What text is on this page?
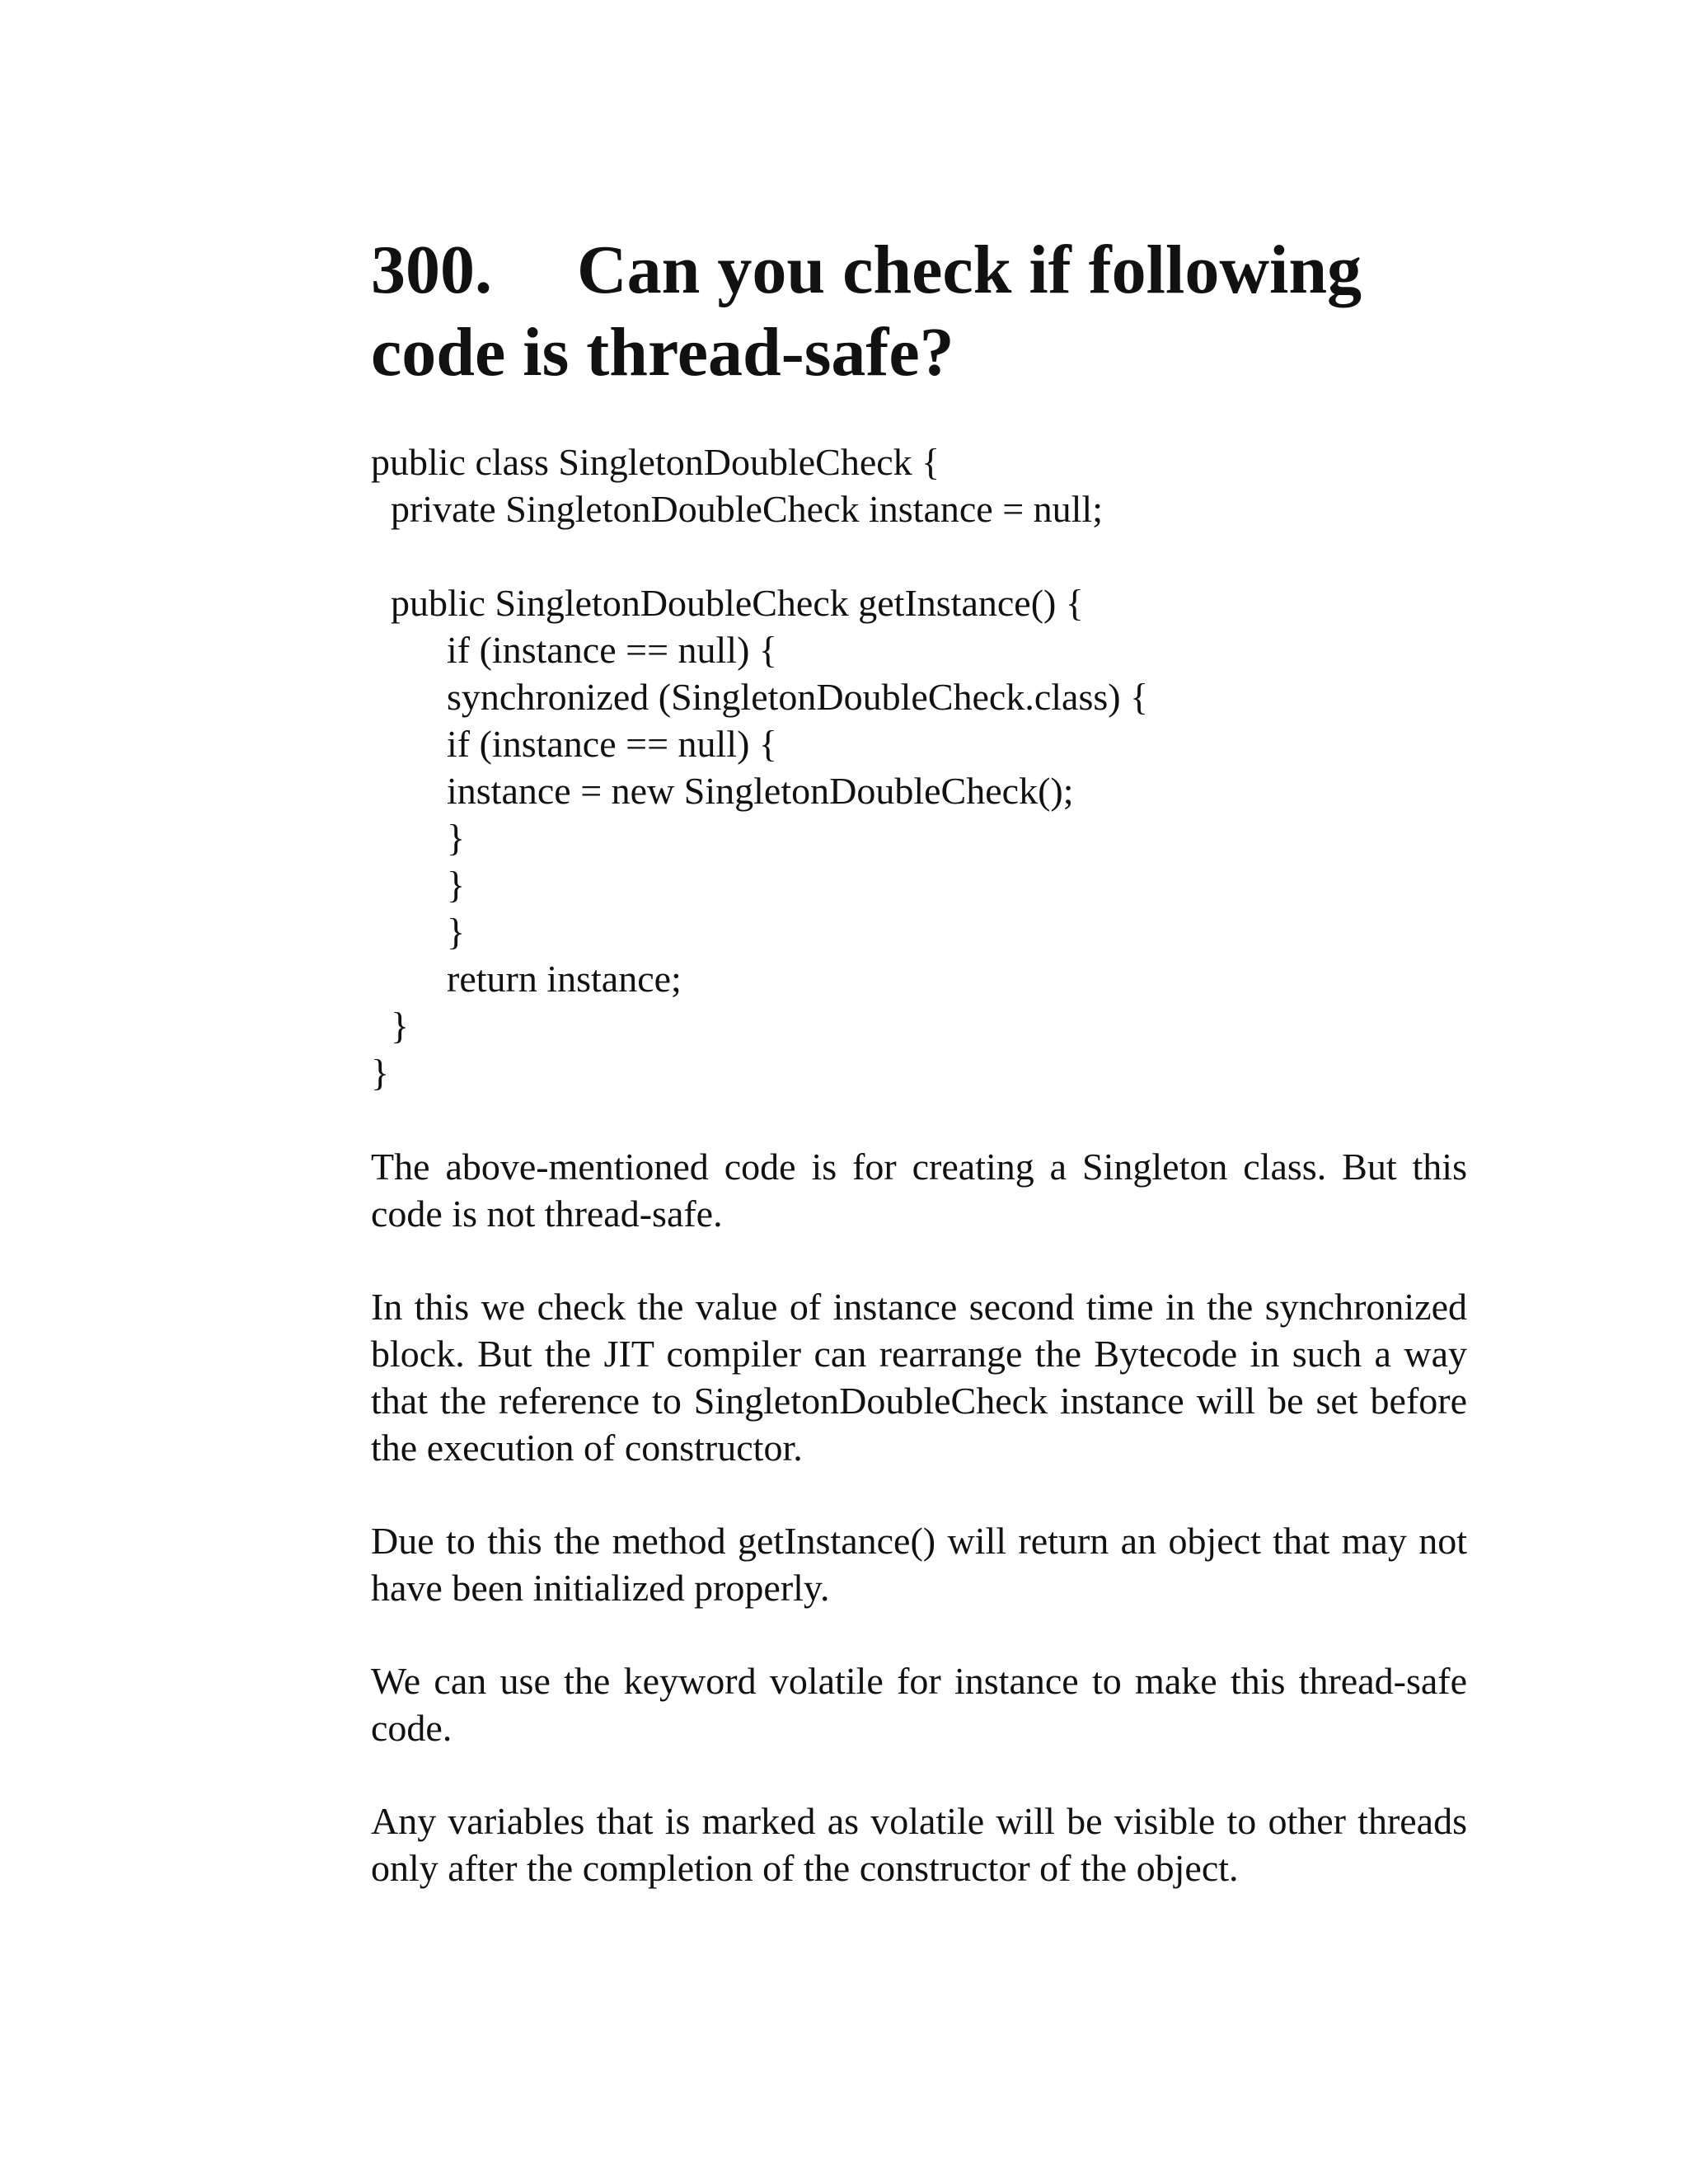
300. Can you check if following
code is thread-safe?
public class SingletonDoubleCheck {
private SingletonDoubleCheck instance = null;
public SingletonDoubleCheck getInstance() {
if (instance == null) {
synchronized (SingletonDoubleCheck.class) {
if (instance == null) {
instance = new SingletonDoubleCheck();
}
}
}
return instance;
}
}

The above-mentioned code is for creating a Singleton class. But this code is not thread-safe.

In this we check the value of instance second time in the synchronized block. But the JIT compiler can rearrange the Bytecode in such a way that the reference to SingletonDoubleCheck instance will be set before the execution of constructor.

Due to this the method getInstance() will return an object that may not have been initialized properly.

We can use the keyword volatile for instance to make this thread-safe code.

Any variables that is marked as volatile will be visible to other threads only after the completion of the constructor of the object.
